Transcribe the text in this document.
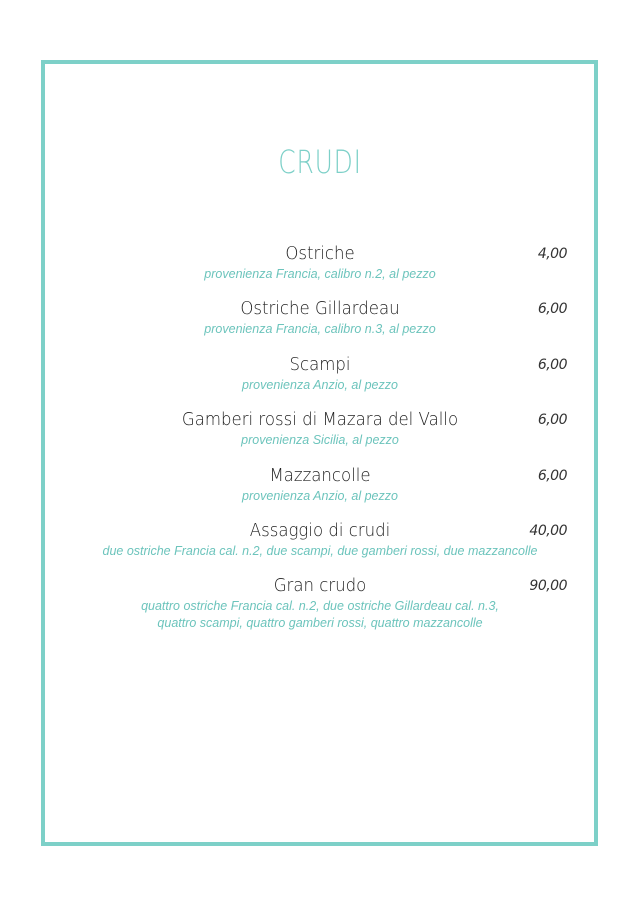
CRUDI
Ostriche	4,00
provenienza Francia, calibro n.2, al pezzo
Ostriche Gillardeau	6,00
provenienza Francia, calibro n.3, al pezzo
Scampi	6,00
provenienza Anzio, al pezzo
Gamberi rossi di Mazara del Vallo	6,00
provenienza Sicilia, al pezzo
Mazzancolle	6,00
provenienza Anzio, al pezzo
Assaggio di crudi	40,00
due ostriche Francia cal. n.2, due scampi, due gamberi rossi, due mazzancolle
Gran crudo	90,00
quattro ostriche Francia cal. n.2, due ostriche Gillardeau cal. n.3,
quattro scampi, quattro gamberi rossi, quattro mazzancolle
